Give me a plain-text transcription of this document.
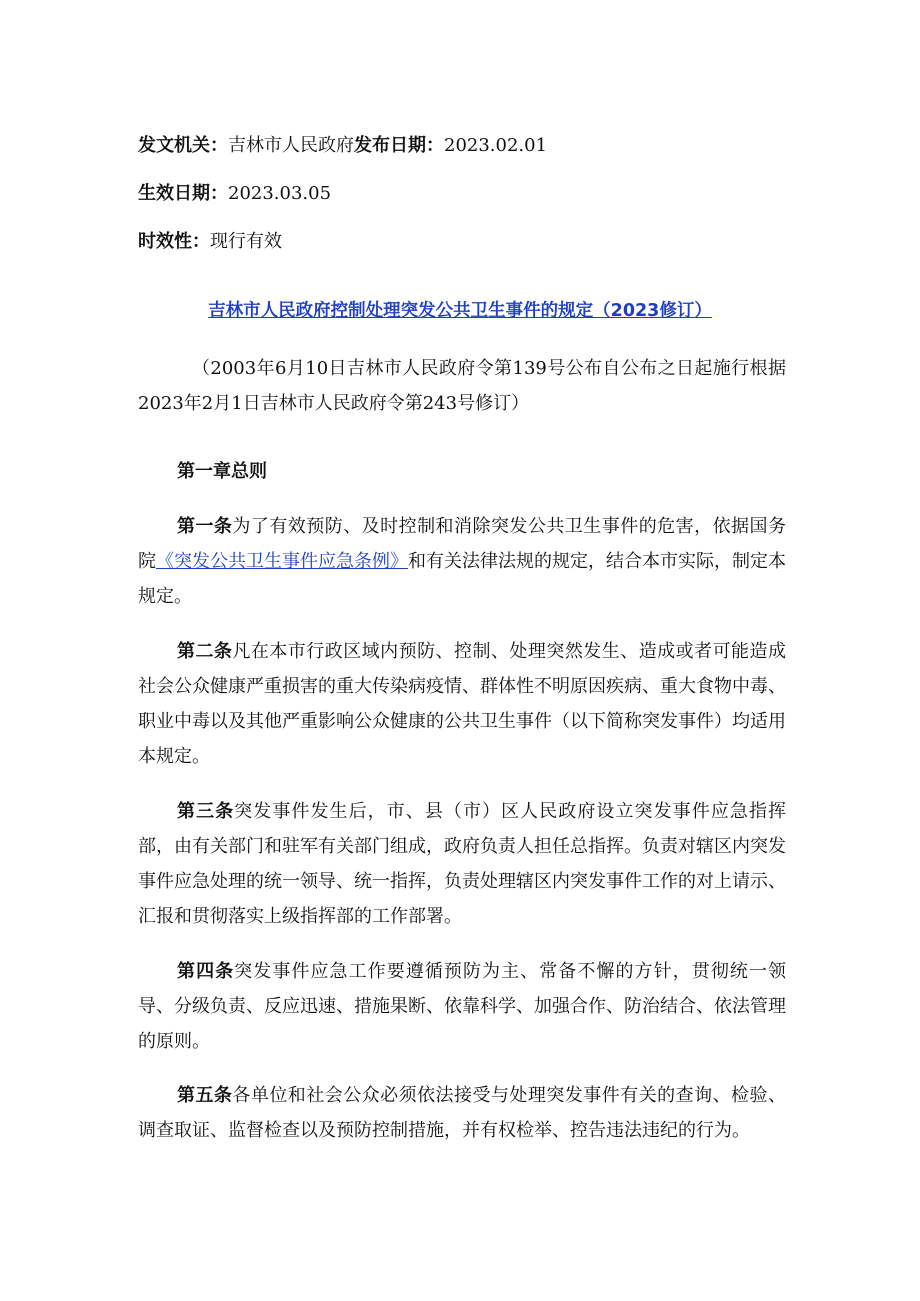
发文机关：吉林市人民政府发布日期：2023.02.01
生效日期：2023.03.05
时效性：现行有效
吉林市人民政府控制处理突发公共卫生事件的规定（2023修订）
（2003年6月10日吉林市人民政府令第139号公布自公布之日起施行根据2023年2月1日吉林市人民政府令第243号修订）
第一章总则
第一条为了有效预防、及时控制和消除突发公共卫生事件的危害，依据国务院《突发公共卫生事件应急条例》和有关法律法规的规定，结合本市实际，制定本规定。
第二条凡在本市行政区域内预防、控制、处理突然发生、造成或者可能造成社会公众健康严重损害的重大传染病疫情、群体性不明原因疾病、重大食物中毒、职业中毒以及其他严重影响公众健康的公共卫生事件（以下简称突发事件）均适用本规定。
第三条突发事件发生后，市、县（市）区人民政府设立突发事件应急指挥部，由有关部门和驻军有关部门组成，政府负责人担任总指挥。负责对辖区内突发事件应急处理的统一领导、统一指挥，负责处理辖区内突发事件工作的对上请示、汇报和贯彻落实上级指挥部的工作部署。
第四条突发事件应急工作要遵循预防为主、常备不懈的方针，贯彻统一领导、分级负责、反应迅速、措施果断、依靠科学、加强合作、防治结合、依法管理的原则。
第五条各单位和社会公众必须依法接受与处理突发事件有关的查询、检验、调查取证、监督检查以及预防控制措施，并有权检举、控告违法违纪的行为。
